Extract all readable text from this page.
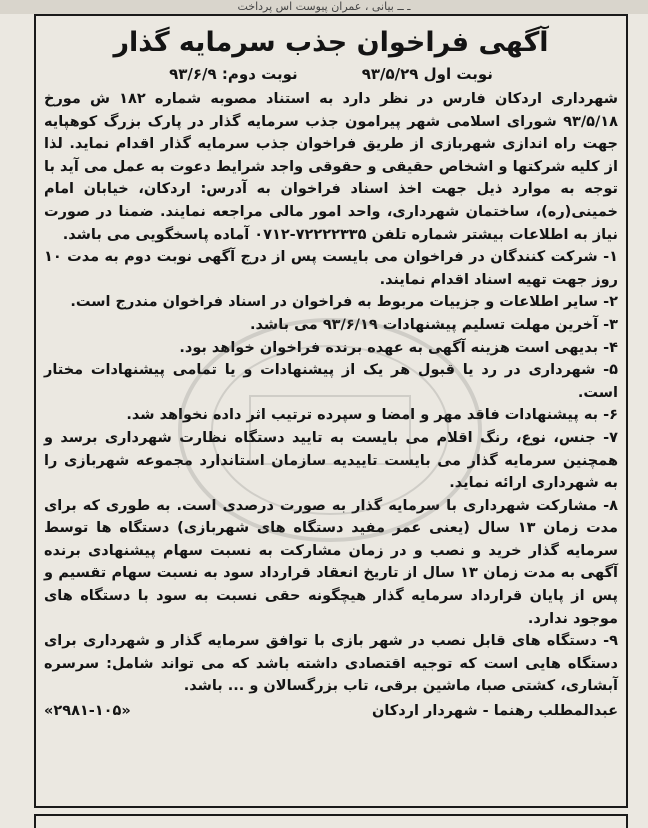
ـ ــ بیانی ، عمران پیوست اس پرداخت
آگهی فراخوان جذب سرمایه گذار
نوبت اول ۹۳/۵/۲۹
نوبت دوم: ۹۳/۶/۹

شهرداری اردکان فارس در نظر دارد به استناد مصوبه شماره ۱۸۲ ش مورخ ۹۳/۵/۱۸ شورای اسلامی شهر پیرامون جذب سرمایه گذار در پارک بزرگ کوهپایه جهت راه اندازی شهربازی از طریق فراخوان جذب سرمایه گذار اقدام نماید. لذا از کلیه شرکتها و اشخاص حقیقی و حقوقی واجد شرایط دعوت به عمل می آید با توجه به موارد ذیل جهت اخذ اسناد فراخوان به آدرس: اردکان، خیابان امام خمینی(ره)، ساختمان شهرداری، واحد امور مالی مراجعه نمایند. ضمنا در صورت نیاز به اطلاعات بیشتر شماره تلفن ۷۲۲۲۲۳۳۵-۰۷۱۲ آماده پاسخگویی می باشد.

۱- شرکت کنندگان در فراخوان می بایست پس از درج آگهی نوبت دوم به مدت ۱۰ روز جهت تهیه اسناد اقدام نمایند.

۲- سایر اطلاعات و جزییات مربوط به فراخوان در اسناد فراخوان مندرج است.

۳- آخرین مهلت تسلیم پیشنهادات ۹۳/۶/۱۹ می باشد.

۴- بدیهی است هزینه آگهی به عهده برنده فراخوان خواهد بود.

۵- شهرداری در رد یا قبول هر یک از پیشنهادات و یا تمامی پیشنهادات مختار است.

۶- به پیشنهادات فاقد مهر و امضا و سپرده ترتیب اثر داده نخواهد شد.

۷- جنس، نوع، رنگ اقلام می بایست به تایید دستگاه نظارت شهرداری برسد و همچنین سرمایه گذار می بایست تاییدیه سازمان استاندارد مجموعه شهربازی را به شهرداری ارائه نماید.

۸- مشارکت شهرداری با سرمایه گذار به صورت درصدی است. به طوری که برای مدت زمان ۱۳ سال (یعنی عمر مفید دستگاه های شهربازی) دستگاه ها توسط سرمایه گذار خرید و نصب و در زمان مشارکت به نسبت سهام پیشنهادی برنده آگهی به مدت زمان ۱۳ سال از تاریخ انعقاد قرارداد سود به نسبت سهام تقسیم و پس از پایان قرارداد سرمایه گذار هیچگونه حقی نسبت به سود با دستگاه های موجود ندارد.

۹- دستگاه های قابل نصب در شهر بازی با توافق سرمایه گذار و شهرداری برای دستگاه هایی است که توجیه اقتصادی داشته باشد که می تواند شامل: سرسره آبشاری، کشتی صبا، ماشین برقی، تاب بزرگسالان و ... باشد.

عبدالمطلب رهنما - شهردار اردکان
«۲۹۸۱-۱۰۵»
